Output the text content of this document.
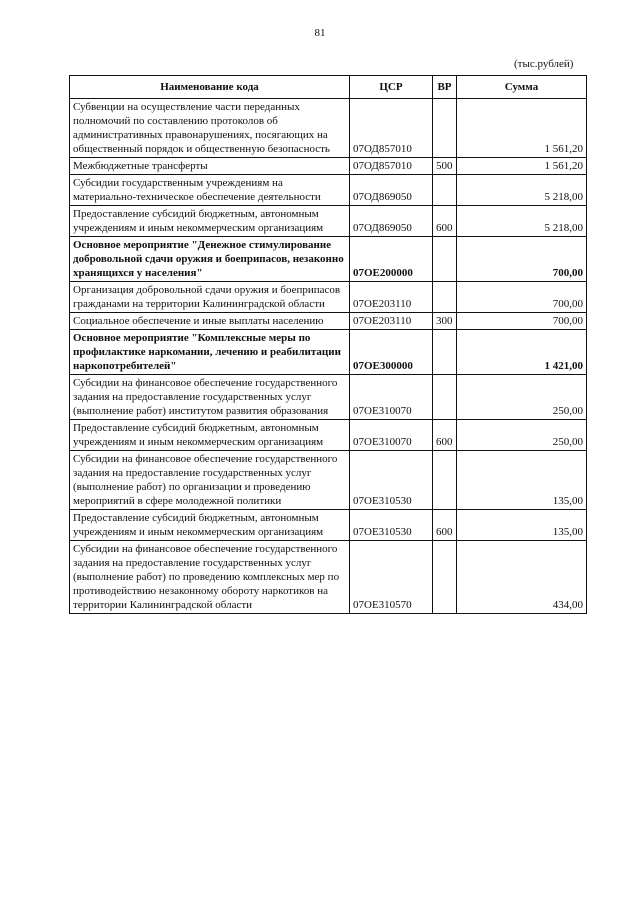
81
(тыс.рублей)
Наименование кода	ЦСР	ВР	Сумма
Субвенции на осуществление части переданных полномочий по составлению протоколов об административных правонарушениях, посягающих на общественный порядок и общественную безопасность	07ОД857010		1 561,20
Межбюджетные трансферты	07ОД857010	500	1 561,20
Субсидии государственным учреждениям на материально-техническое обеспечение деятельности	07ОД869050		5 218,00
Предоставление субсидий бюджетным, автономным учреждениям и иным некоммерческим организациям	07ОД869050	600	5 218,00
Основное мероприятие "Денежное стимулирование добровольной сдачи оружия и боеприпасов, незаконно хранящихся у населения"	07ОЕ200000		700,00
Организация добровольной сдачи оружия и боеприпасов гражданами на территории Калининградской области	07ОЕ203110		700,00
Социальное обеспечение и иные выплаты населению	07ОЕ203110	300	700,00
Основное мероприятие "Комплексные меры по профилактике наркомании, лечению и реабилитации наркопотребителей"	07ОЕ300000		1 421,00
Субсидии на финансовое обеспечение государственного задания на предоставление государственных услуг (выполнение работ) институтом развития образования	07ОЕ310070		250,00
Предоставление субсидий бюджетным, автономным учреждениям и иным некоммерческим организациям	07ОЕ310070	600	250,00
Субсидии на финансовое обеспечение государственного задания на предоставление государственных услуг (выполнение работ) по организации и проведению мероприятий в сфере молодежной политики	07ОЕ310530		135,00
Предоставление субсидий бюджетным, автономным учреждениям и иным некоммерческим организациям	07ОЕ310530	600	135,00
Субсидии на финансовое обеспечение государственного задания на предоставление государственных услуг (выполнение работ) по проведению комплексных мер по противодействию незаконному обороту наркотиков на территории Калининградской области	07ОЕ310570		434,00
